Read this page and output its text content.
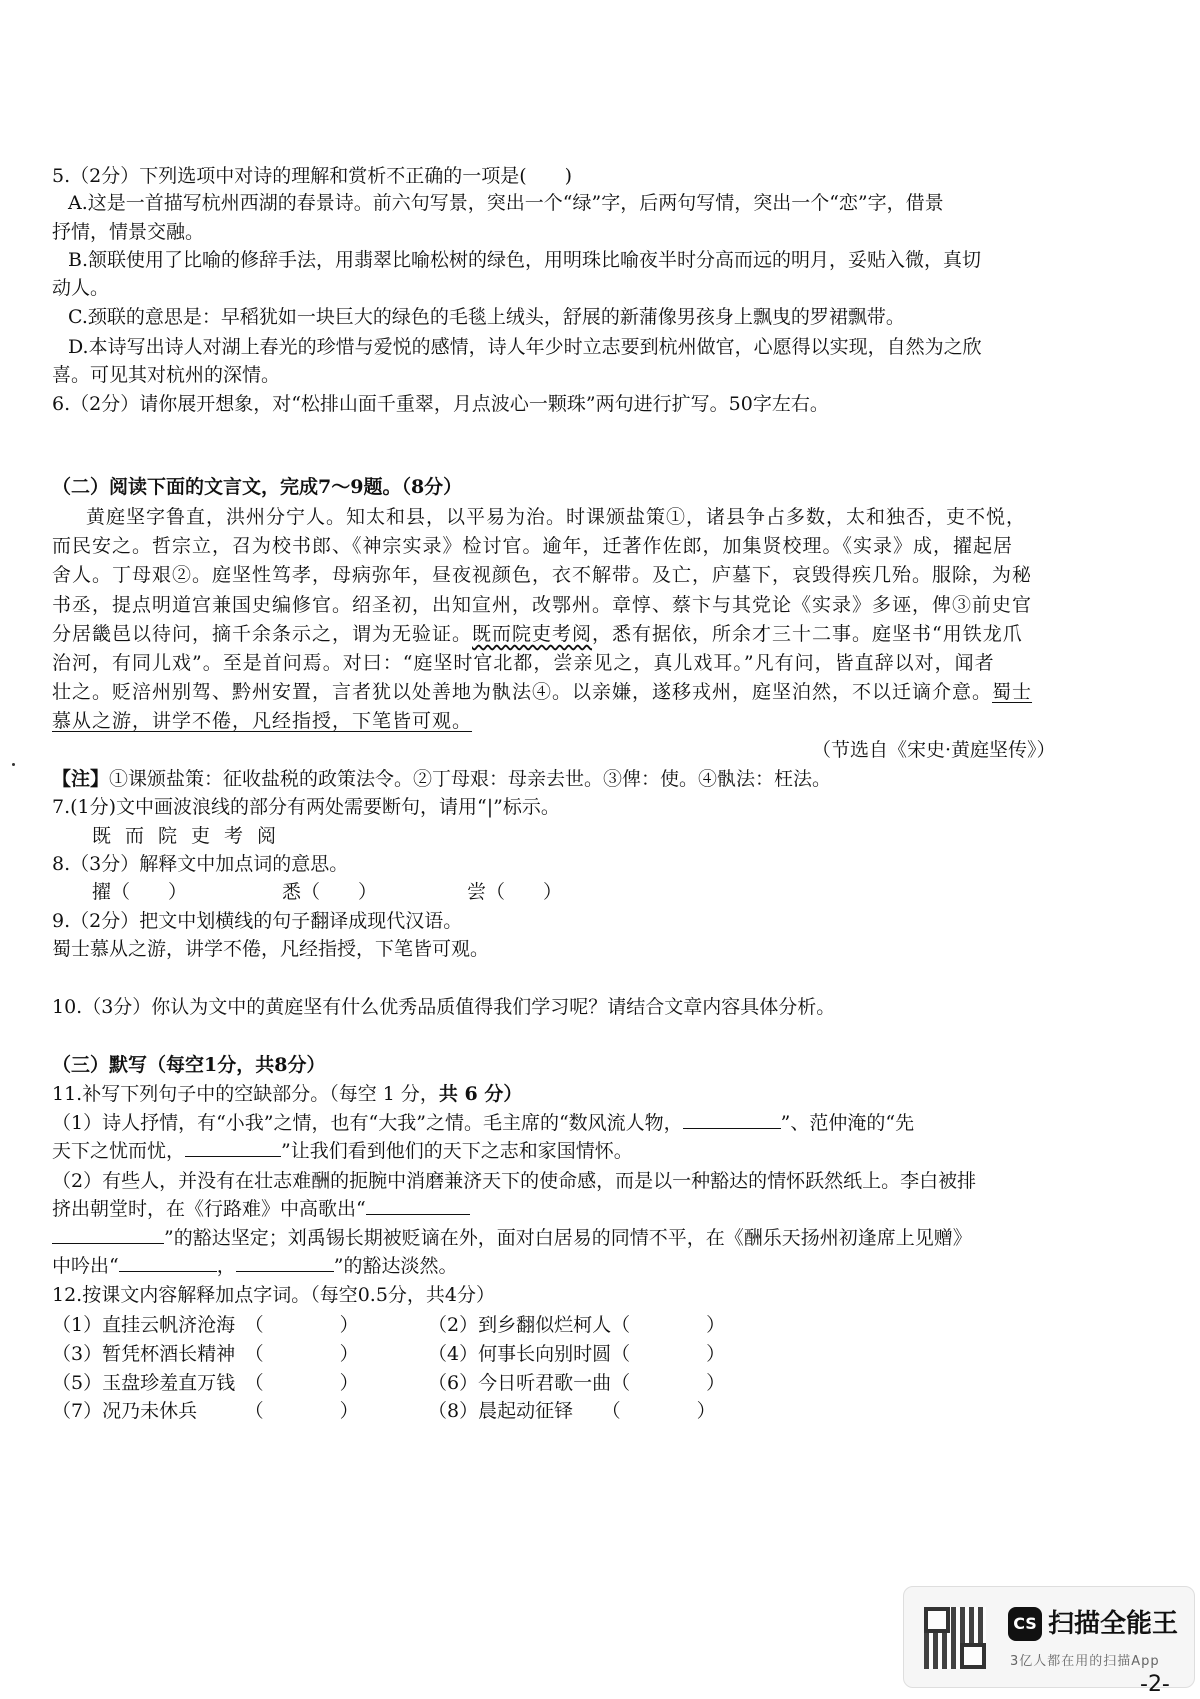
5.（2分）下列选项中对诗的理解和赏析不正确的一项是(　　)
A.这是一首描写杭州西湖的春景诗。前六句写景，突出一个“绿”字，后两句写情，突出一个“恋”字，借景
抒情，情景交融。
B.颔联使用了比喻的修辞手法，用翡翠比喻松树的绿色，用明珠比喻夜半时分高而远的明月，妥贴入微，真切
动人。
C.颈联的意思是：早稻犹如一块巨大的绿色的毛毯上绒头，舒展的新蒲像男孩身上飘曳的罗裙飘带。
D.本诗写出诗人对湖上春光的珍惜与爱悦的感情，诗人年少时立志要到杭州做官，心愿得以实现，自然为之欣
喜。可见其对杭州的深情。
6.（2分）请你展开想象，对“松排山面千重翠，月点波心一颗珠”两句进行扩写。50字左右。
（二）阅读下面的文言文，完成7～9题。（8分）
黄庭坚字鲁直，洪州分宁人。知太和县，以平易为治。时课颁盐策①，诸县争占多数，太和独否，吏不悦，
而民安之。哲宗立，召为校书郎、《神宗实录》检讨官。逾年，迁著作佐郎，加集贤校理。《实录》成，擢起居
舍人。丁母艰②。庭坚性笃孝，母病弥年，昼夜视颜色，衣不解带。及亡，庐墓下，哀毁得疾几殆。服除，为秘
书丞，提点明道宫兼国史编修官。绍圣初，出知宣州，改鄂州。章惇、蔡卞与其党论《实录》多诬，俾③前史官
分居畿邑以待问，摘千余条示之，谓为无验证。既而院吏考阅，悉有据依，所余才三十二事。庭坚书“用铁龙爪
治河，有同儿戏”。至是首问焉。对曰：“庭坚时官北都，尝亲见之，真儿戏耳。”凡有问，皆直辞以对，闻者
壮之。贬涪州别驾、黔州安置，言者犹以处善地为骫法④。以亲嫌，遂移戎州，庭坚泊然，不以迁谪介意。蜀士
慕从之游，讲学不倦，凡经指授，下笔皆可观。
（节选自《宋史·黄庭坚传》）
【注】①课颁盐策：征收盐税的政策法令。②丁母艰：母亲去世。③俾：使。④骫法：枉法。
7.(1分)文中画波浪线的部分有两处需要断句，请用“|”标示。
既而院吏考阅
8.（3分）解释文中加点词的意思。
擢（　　）	悉（　　）	尝（　　）
9.（2分）把文中划横线的句子翻译成现代汉语。
蜀士慕从之游，讲学不倦，凡经指授，下笔皆可观。
10.（3分）你认为文中的黄庭坚有什么优秀品质值得我们学习呢？请结合文章内容具体分析。
（三）默写（每空1分，共8分）
11.补写下列句子中的空缺部分。（每空 1 分，共 6 分）
（1）诗人抒情，有“小我”之情，也有“大我”之情。毛主席的“数风流人物，	”、范仲淹的“先
天下之忧而忧，	”让我们看到他们的天下之志和家国情怀。
（2）有些人，并没有在壮志难酬的扼腕中消磨兼济天下的使命感，而是以一种豁达的情怀跃然纸上。李白被排
挤出朝堂时，在《行路难》中高歌出“
”的豁达坚定；刘禹锡长期被贬谪在外，面对白居易的同情不平，在《酬乐天扬州初逢席上见赠》
中吟出“	，	”的豁达淡然。
12.按课文内容解释加点字词。（每空0.5分，共4分）
（1）直挂云帆济沧海　（　　　　）	（2）到乡翻似烂柯人（　　　　）
（3）暂凭杯酒长精神　（　　　　）	（4）何事长向别时圆（　　　　）
（5）玉盘珍羞直万钱　（　　　　）	（6）今日听君歌一曲（　　　　）
（7）况乃未休兵　　　（　　　　）	（8）晨起动征铎　　（　　　　）
CS 扫描全能王
3亿人都在用的扫描App
-2-
